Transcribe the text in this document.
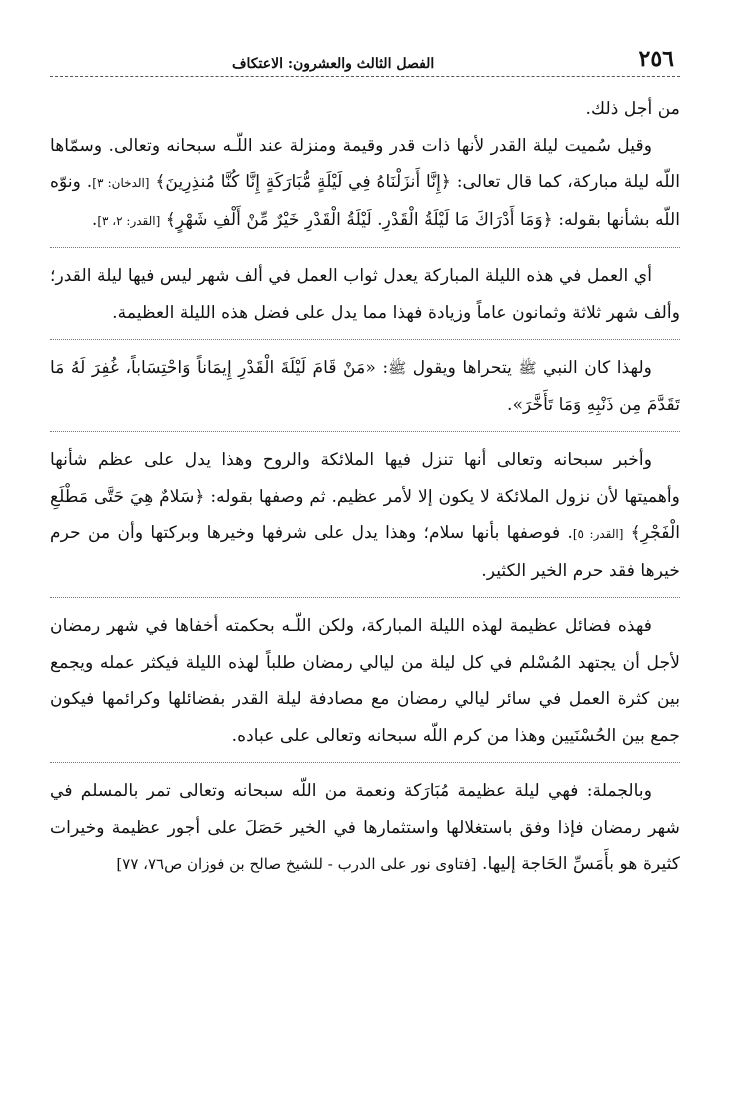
٢٥٦
الفصل الثالث والعشرون: الاعتكاف

من أجل ذلك.

وقيل سُميت ليلة القدر لأنها ذات قدر وقيمة ومنزلة عند اللّـه سبحانه وتعالى. وسمّاها اللّه ليلة مباركة، كما قال تعالى: ﴿إِنَّا أَنزَلْنَاهُ فِي لَيْلَةٍ مُّبَارَكَةٍ إِنَّا كُنَّا مُنذِرِينَ﴾ [الدخان: ٣]. ونوّه اللّه بشأنها بقوله: ﴿وَمَا أَدْرَاكَ مَا لَيْلَةُ الْقَدْرِ. لَيْلَةُ الْقَدْرِ خَيْرٌ مِّنْ أَلْفِ شَهْرٍ﴾ [القدر: ٢، ٣].

أي العمل في هذه الليلة المباركة يعدل ثواب العمل في ألف شهر ليس فيها ليلة القدر؛ وألف شهر ثلاثة وثمانون عاماً وزيادة فهذا مما يدل على فضل هذه الليلة العظيمة.

ولهذا كان النبي ﷺ يتحراها ويقول ﷺ: «مَنْ قَامَ لَيْلَةَ الْقَدْرِ إِيمَاناً وَاحْتِسَاباً، غُفِرَ لَهُ مَا تَقَدَّمَ مِن ذَنْبِهِ وَمَا تَأَخَّرَ».

وأخبر سبحانه وتعالى أنها تنزل فيها الملائكة والروح وهذا يدل على عظم شأنها وأهميتها لأن نزول الملائكة لا يكون إلا لأمر عظيم. ثم وصفها بقوله: ﴿سَلامٌ هِيَ حَتَّى مَطْلَعِ الْفَجْرِ﴾ [القدر: ٥]. فوصفها بأنها سلام؛ وهذا يدل على شرفها وخيرها وبركتها وأن من حرم خيرها فقد حرم الخير الكثير.

فهذه فضائل عظيمة لهذه الليلة المباركة، ولكن اللّـه بحكمته أخفاها في شهر رمضان لأجل أن يجتهد المُسْلم في كل ليلة من ليالي رمضان طلباً لهذه الليلة فيكثر عمله ويجمع بين كثرة العمل في سائر ليالي رمضان مع مصادفة ليلة القدر بفضائلها وكرائمها فيكون جمع بين الحُسْنَيين وهذا من كرم اللّه سبحانه وتعالى على عباده.

وبالجملة: فهي ليلة عظيمة مُبَارَكة ونعمة من اللّه سبحانه وتعالى تمر بالمسلم في شهر رمضان فإذا وفق باستغلالها واستثمارها في الخير حَصَلَ على أجور عظيمة وخيرات كثيرة هو بأَمَسِّ الحَاجة إليها. [فتاوى نور على الدرب - للشيخ صالح بن فوزان ص٧٦، ٧٧]
